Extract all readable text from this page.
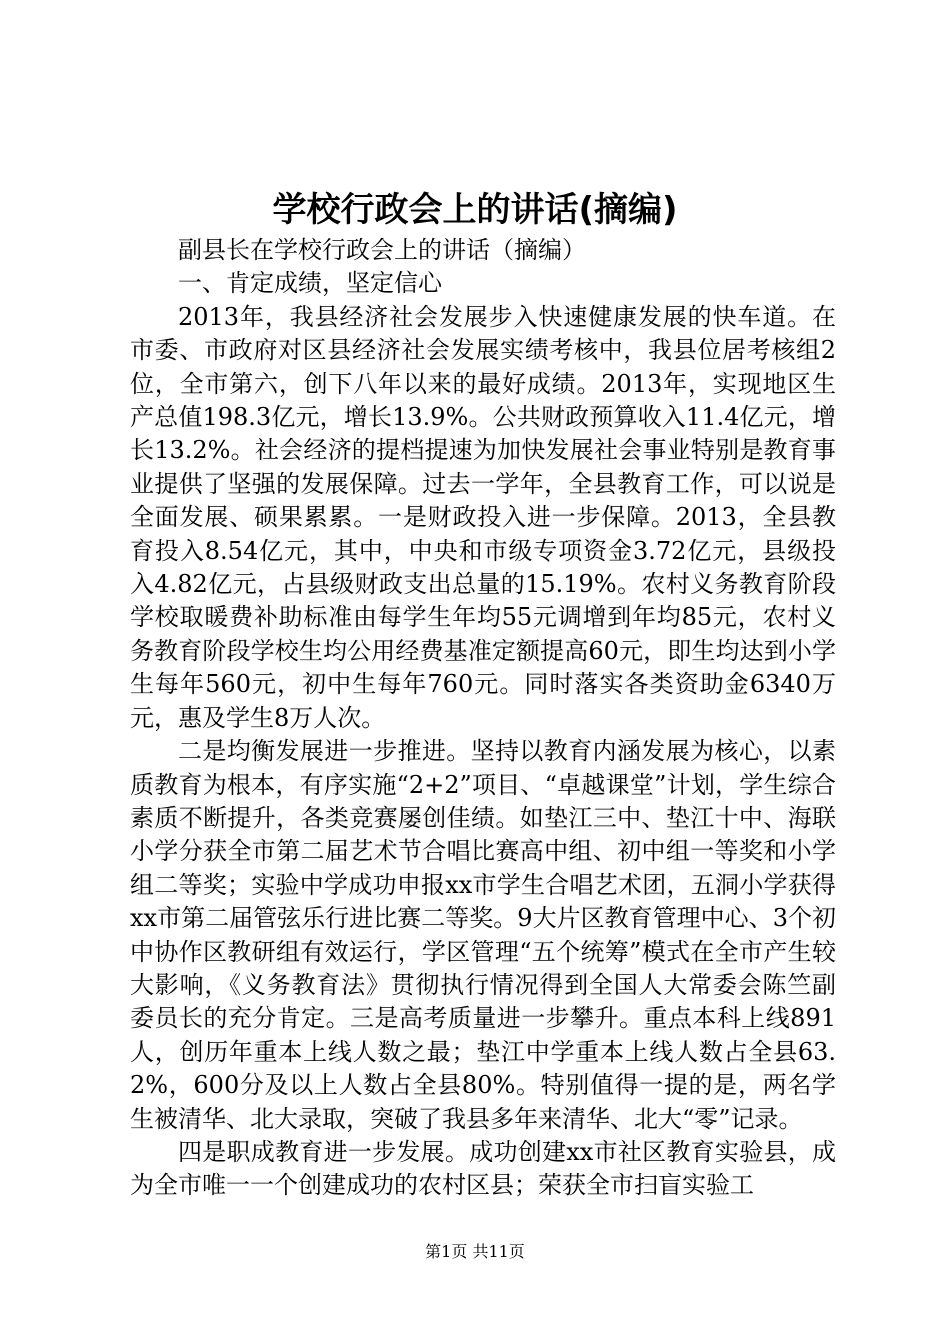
学校行政会上的讲话(摘编)

副县长在学校行政会上的讲话（摘编）

一、肯定成绩，坚定信心

2013年，我县经济社会发展步入快速健康发展的快车道。在市委、市政府对区县经济社会发展实绩考核中，我县位居考核组2位，全市第六，创下八年以来的最好成绩。2013年，实现地区生产总值198.3亿元，增长13.9%。公共财政预算收入11.4亿元，增长13.2%。社会经济的提档提速为加快发展社会事业特别是教育事业提供了坚强的发展保障。过去一学年，全县教育工作，可以说是全面发展、硕果累累。一是财政投入进一步保障。2013，全县教育投入8.54亿元，其中，中央和市级专项资金3.72亿元，县级投入4.82亿元，占县级财政支出总量的15.19%。农村义务教育阶段学校取暖费补助标准由每学生年均55元调增到年均85元，农村义务教育阶段学校生均公用经费基准定额提高60元，即生均达到小学生每年560元，初中生每年760元。同时落实各类资助金6340万元，惠及学生8万人次。

二是均衡发展进一步推进。坚持以教育内涵发展为核心，以素质教育为根本，有序实施“2+2”项目、“卓越课堂”计划，学生综合素质不断提升，各类竞赛屡创佳绩。如垫江三中、垫江十中、海联小学分获全市第二届艺术节合唱比赛高中组、初中组一等奖和小学组二等奖；实验中学成功申报xx市学生合唱艺术团，五洞小学获得xx市第二届管弦乐行进比赛二等奖。9大片区教育管理中心、3个初中协作区教研组有效运行，学区管理“五个统筹”模式在全市产生较大影响，《义务教育法》贯彻执行情况得到全国人大常委会陈竺副委员长的充分肯定。三是高考质量进一步攀升。重点本科上线891人，创历年重本上线人数之最；垫江中学重本上线人数占全县63.2%，600分及以上人数占全县80%。特别值得一提的是，两名学生被清华、北大录取，突破了我县多年来清华、北大“零”记录。

四是职成教育进一步发展。成功创建xx市社区教育实验县，成为全市唯一一个创建成功的农村区县；荣获全市扫盲实验工

第1页 共11页
